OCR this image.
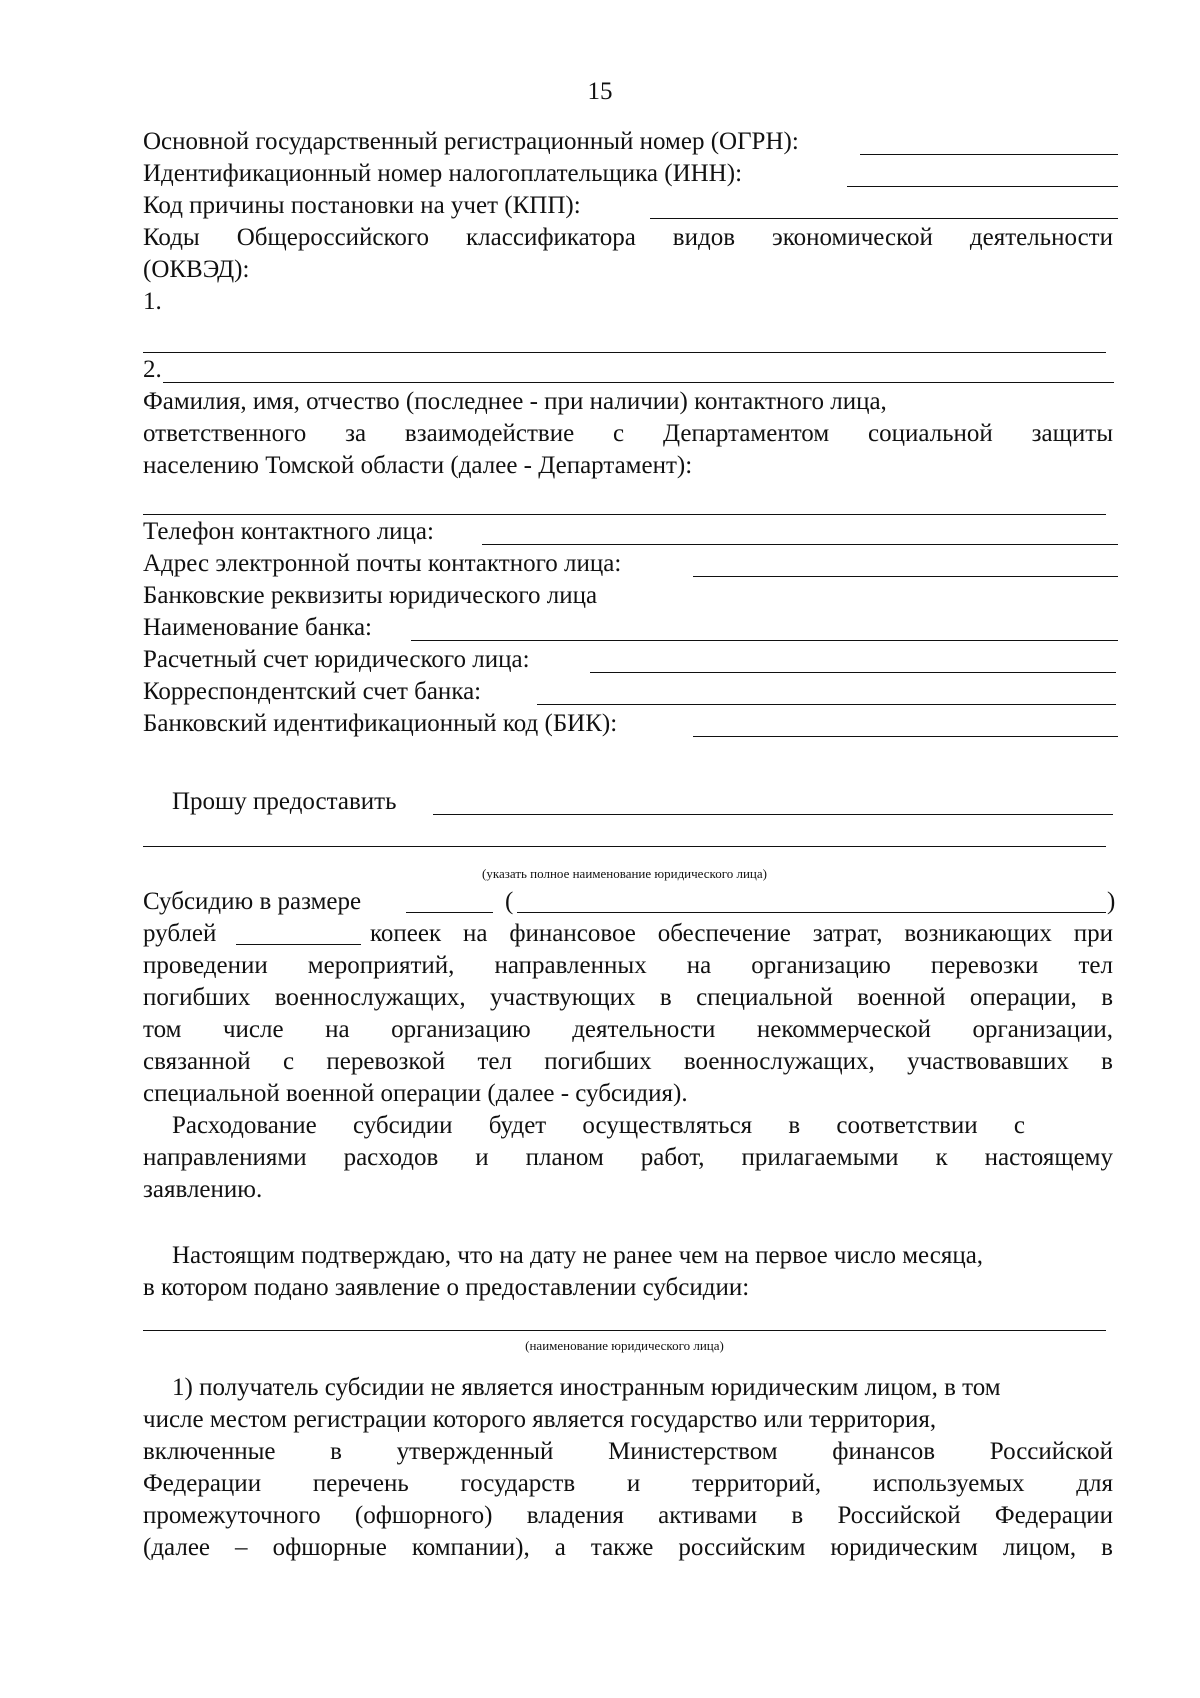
15
Основной государственный регистрационный номер (ОГРН):
Идентификационный номер налогоплательщика (ИНН):
Код причины постановки на учет (КПП):
Коды Общероссийского классификатора видов экономической деятельности
(ОКВЭД):
1.
2.
Фамилия, имя, отчество (последнее - при наличии) контактного лица,
ответственного за взаимодействие с Департаментом социальной защиты
населению Томской области (далее - Департамент):
Телефон контактного лица:
Адрес электронной почты контактного лица:
Банковские реквизиты юридического лица
Наименование банка:
Расчетный счет юридического лица:
Корреспондентский счет банка:
Банковский идентификационный код (БИК):
Прошу предоставить
(указать полное наименование юридического лица)
Субсидию в размере	(	)
рублей	копеек на финансовое обеспечение затрат, возникающих при
проведении мероприятий, направленных на организацию перевозки тел
погибших военнослужащих, участвующих в специальной военной операции, в
том числе на организацию деятельности некоммерческой организации,
связанной с перевозкой тел погибших военнослужащих, участвовавших в
специальной военной операции (далее - субсидия).
Расходование субсидии будет осуществляться в соответствии с
направлениями расходов и планом работ, прилагаемыми к настоящему
заявлению.
Настоящим подтверждаю, что на дату не ранее чем на первое число месяца,
в котором подано заявление о предоставлении субсидии:
(наименование юридического лица)
1) получатель субсидии не является иностранным юридическим лицом, в том
числе местом регистрации которого является государство или территория,
включенные в утвержденный Министерством финансов Российской
Федерации перечень государств и территорий, используемых для
промежуточного (офшорного) владения активами в Российской Федерации
(далее – офшорные компании), а также российским юридическим лицом, в
